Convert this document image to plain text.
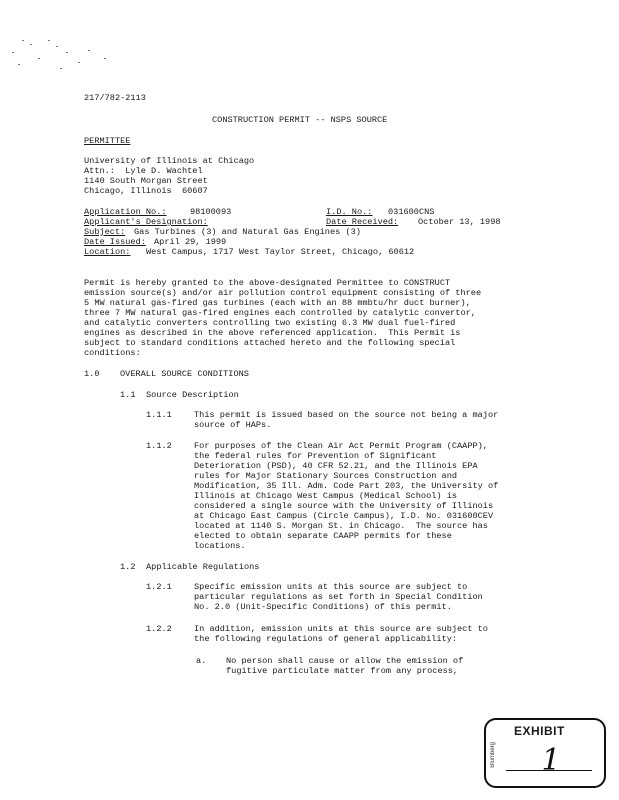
217/782-2113
CONSTRUCTION PERMIT -- NSPS SOURCE
PERMITTEE
University of Illinois at Chicago
Attn.:  Lyle D. Wachtel
1140 South Morgan Street
Chicago, Illinois  60607
Application No.:	98100093	I.D. No.: 031600CNS
Applicant's Designation:	Date Received: October 13, 1998
Subject: Gas Turbines (3) and Natural Gas Engines (3)
Date Issued: April 29, 1999
Location: West Campus, 1717 West Taylor Street, Chicago, 60612
Permit is hereby granted to the above-designated Permittee to CONSTRUCT
emission source(s) and/or air pollution control equipment consisting of three
5 MW natural gas-fired gas turbines (each with an 88 mmbtu/hr duct burner),
three 7 MW natural gas-fired engines each controlled by catalytic convertor,
and catalytic converters controlling two existing 6.3 MW dual fuel-fired
engines as described in the above referenced application.  This Permit is
subject to standard conditions attached hereto and the following special
conditions:
1.0 OVERALL SOURCE CONDITIONS
1.1 Source Description
1.1.1	This permit is issued based on the source not being a major
source of HAPs.
1.1.2	For purposes of the Clean Air Act Permit Program (CAAPP),
the federal rules for Prevention of Significant
Deterioration (PSD), 40 CFR 52.21, and the Illinois EPA
rules for Major Stationary Sources Construction and
Modification, 35 Ill. Adm. Code Part 203, the University of
Illinois at Chicago West Campus (Medical School) is
considered a single source with the University of Illinois
at Chicago East Campus (Circle Campus), I.D. No. 031600CEV
located at 1140 S. Morgan St. in Chicago.  The source has
elected to obtain separate CAAPP permits for these
locations.
1.2 Applicable Regulations
1.2.1	Specific emission units at this source are subject to
particular regulations as set forth in Special Condition
No. 2.0 (Unit-Specific Conditions) of this permit.
1.2.2	In addition, emission units at this source are subject to
the following regulations of general applicability:
a. No person shall cause or allow the emission of
fugitive particulate matter from any process,
EXHIBIT
Blumberg 1
